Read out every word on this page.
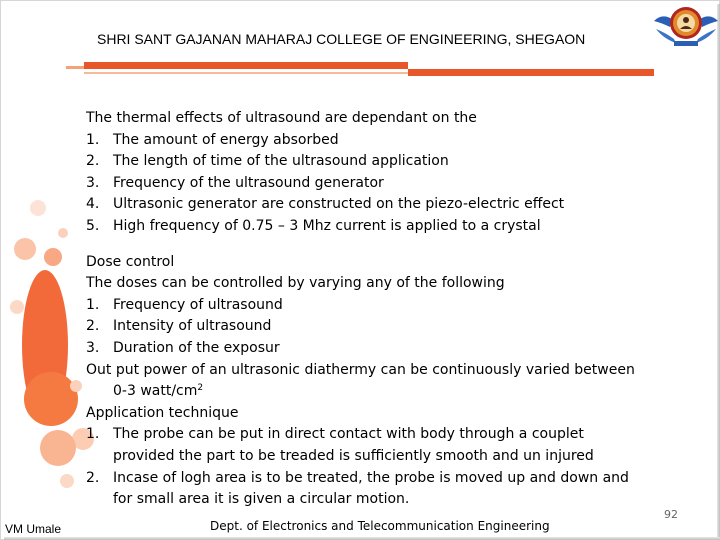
SHRI SANT GAJANAN MAHARAJ COLLEGE OF ENGINEERING, SHEGAON

The thermal effects of ultrasound are dependant on the

1. The amount of energy absorbed
2. The length of time of the ultrasound application
3. Frequency of the ultrasound generator
4. Ultrasonic generator are constructed on the piezo-electric effect
5. High frequency of 0.75 – 3 Mhz current is applied to a crystal

Dose control

The doses can be controlled by varying any of the following

1. Frequency of ultrasound
2. Intensity of ultrasound
3. Duration of the exposur

Out put power of an ultrasonic diathermy can be continuously varied between

0-3 watt/$cm^2$

Application technique

1. The probe can be put in direct contact with body through a couplet
provided the part to be treaded is sufficiently smooth and un injured
2. Incase of logh area is to be treated, the probe is moved up and down and
for small area it is given a circular motion.
92
VM Umale	Dept. of Electronics and Telecommunication Engineering
